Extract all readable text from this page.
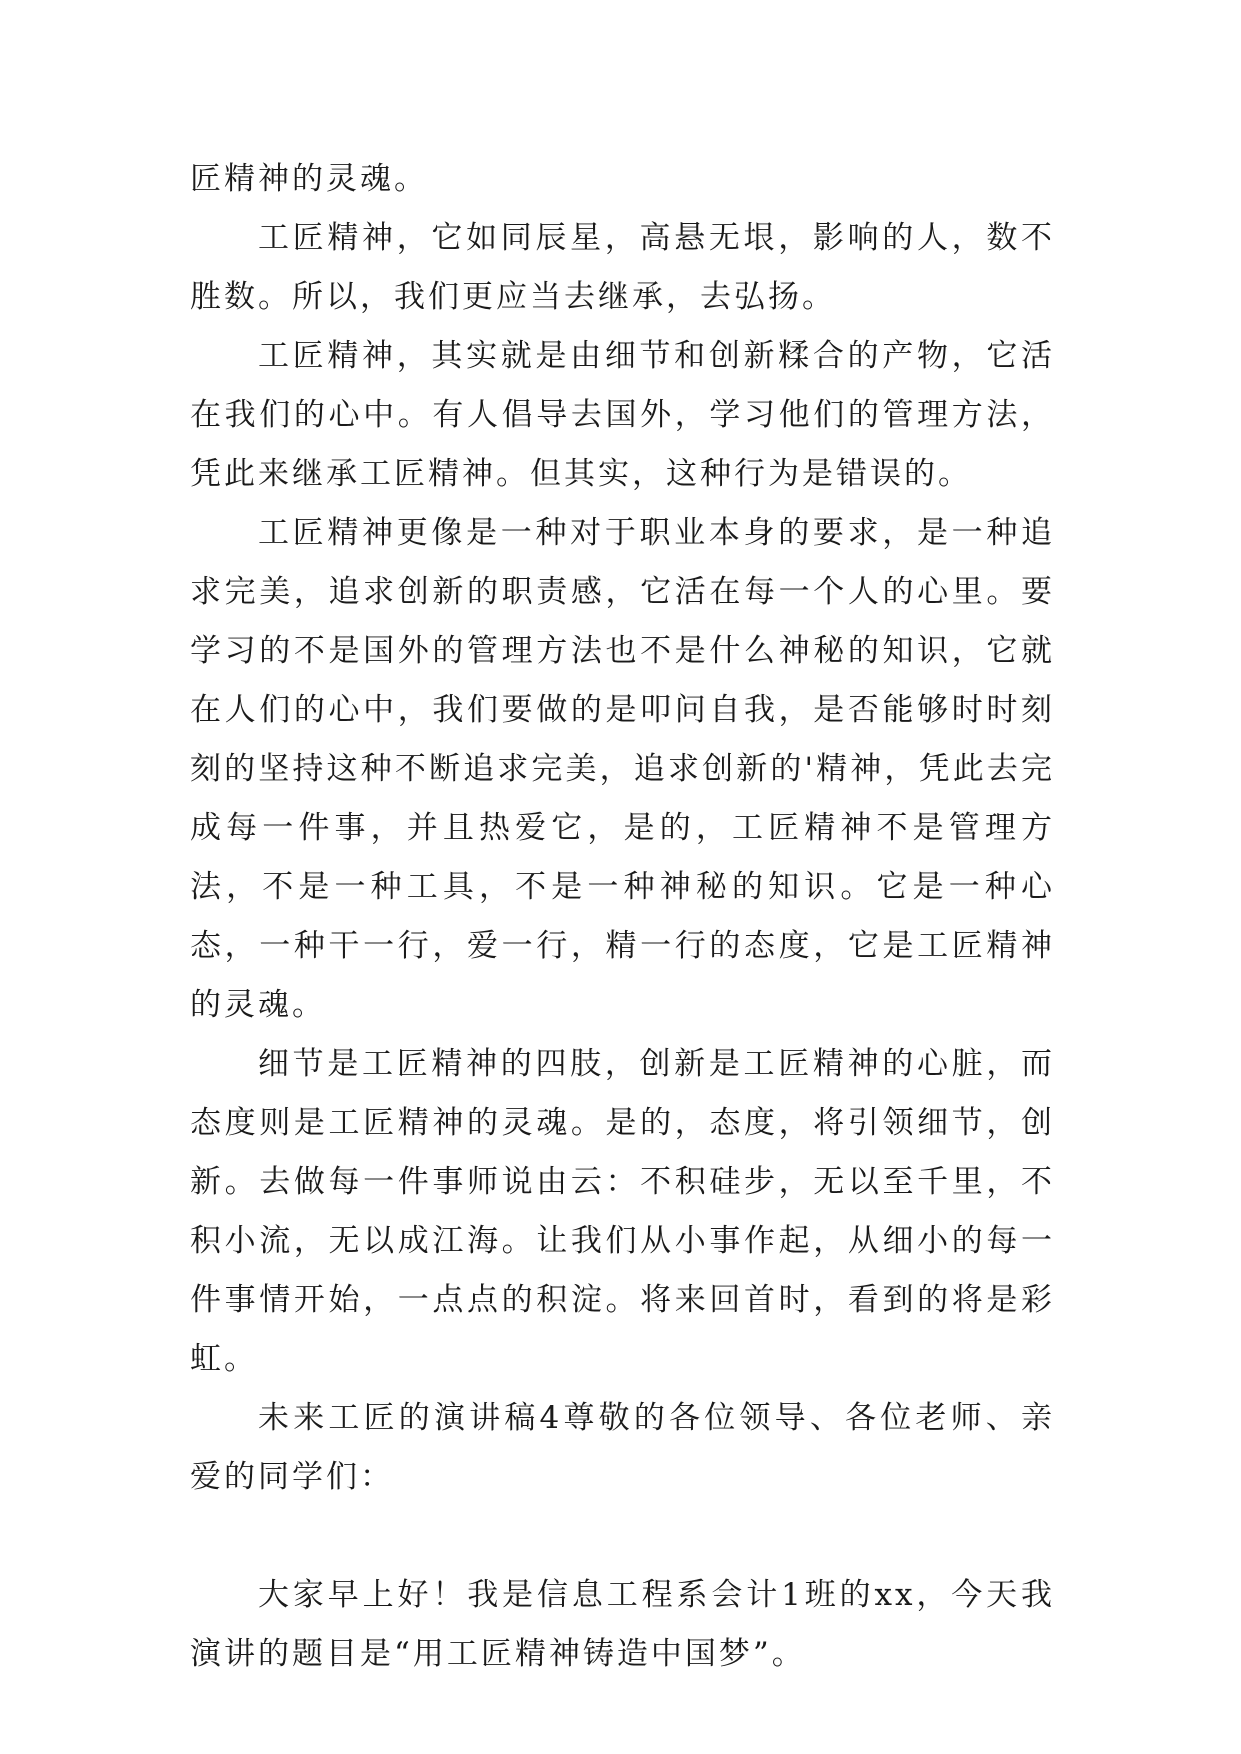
匠精神的灵魂。

工匠精神，它如同辰星，高悬无垠，影响的人，数不胜数。所以，我们更应当去继承，去弘扬。

工匠精神，其实就是由细节和创新糅合的产物，它活在我们的心中。有人倡导去国外，学习他们的管理方法，凭此来继承工匠精神。但其实，这种行为是错误的。

工匠精神更像是一种对于职业本身的要求，是一种追求完美，追求创新的职责感，它活在每一个人的心里。要学习的不是国外的管理方法也不是什么神秘的知识，它就在人们的心中，我们要做的是叩问自我，是否能够时时刻刻的坚持这种不断追求完美，追求创新的'精神，凭此去完成每一件事，并且热爱它，是的，工匠精神不是管理方法，不是一种工具，不是一种神秘的知识。它是一种心态，一种干一行，爱一行，精一行的态度，它是工匠精神的灵魂。

细节是工匠精神的四肢，创新是工匠精神的心脏，而态度则是工匠精神的灵魂。是的，态度，将引领细节，创新。去做每一件事师说由云：不积硅步，无以至千里，不积小流，无以成江海。让我们从小事作起，从细小的每一件事情开始，一点点的积淀。将来回首时，看到的将是彩虹。

未来工匠的演讲稿4尊敬的各位领导、各位老师、亲爱的同学们：

大家早上好！我是信息工程系会计1班的xx，今天我演讲的题目是“用工匠精神铸造中国梦”。
